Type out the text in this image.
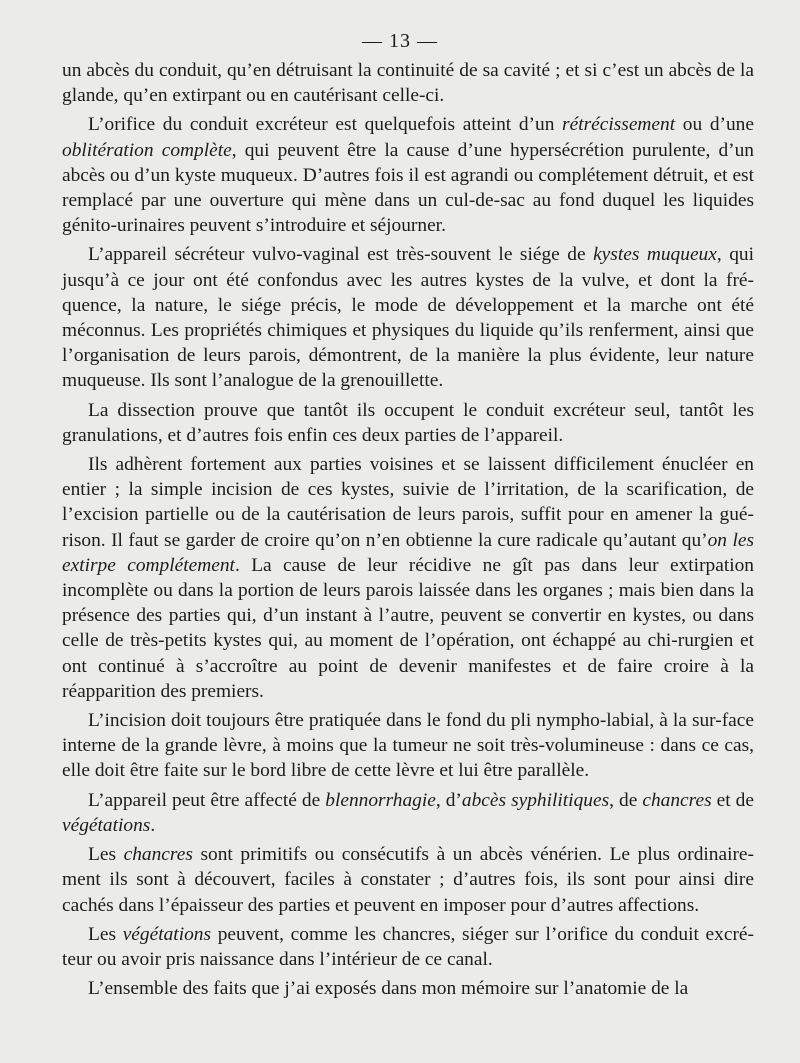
— 13 —

un abcès du conduit, qu’en détruisant la continuité de sa cavité ; et si c’est un abcès de la glande, qu’en extirpant ou en cautérisant celle-ci.

L’orifice du conduit excréteur est quelquefois atteint d’un rétrécissement ou d’une oblitération complète, qui peuvent être la cause d’une hypersécrétion purulente, d’un abcès ou d’un kyste muqueux. D’autres fois il est agrandi ou complétement détruit, et est remplacé par une ouverture qui mène dans un cul-de-sac au fond duquel les liquides génito-urinaires peuvent s’introduire et séjourner.

L’appareil sécréteur vulvo-vaginal est très-souvent le siége de kystes muqueux, qui jusqu’à ce jour ont été confondus avec les autres kystes de la vulve, et dont la fré-quence, la nature, le siége précis, le mode de développement et la marche ont été méconnus. Les propriétés chimiques et physiques du liquide qu’ils renferment, ainsi que l’organisation de leurs parois, démontrent, de la manière la plus évidente, leur nature muqueuse. Ils sont l’analogue de la grenouillette.

La dissection prouve que tantôt ils occupent le conduit excréteur seul, tantôt les granulations, et d’autres fois enfin ces deux parties de l’appareil.

Ils adhèrent fortement aux parties voisines et se laissent difficilement énucléer en entier ; la simple incision de ces kystes, suivie de l’irritation, de la scarification, de l’excision partielle ou de la cautérisation de leurs parois, suffit pour en amener la gué-rison. Il faut se garder de croire qu’on n’en obtienne la cure radicale qu’autant qu’on les extirpe complétement. La cause de leur récidive ne gît pas dans leur extirpation incomplète ou dans la portion de leurs parois laissée dans les organes ; mais bien dans la présence des parties qui, d’un instant à l’autre, peuvent se convertir en kystes, ou dans celle de très-petits kystes qui, au moment de l’opération, ont échappé au chi-rurgien et ont continué à s’accroître au point de devenir manifestes et de faire croire à la réapparition des premiers.

L’incision doit toujours être pratiquée dans le fond du pli nympho-labial, à la sur-face interne de la grande lèvre, à moins que la tumeur ne soit très-volumineuse : dans ce cas, elle doit être faite sur le bord libre de cette lèvre et lui être parallèle.

L’appareil peut être affecté de blennorrhagie, d’abcès syphilitiques, de chancres et de végétations.

Les chancres sont primitifs ou consécutifs à un abcès vénérien. Le plus ordinaire-ment ils sont à découvert, faciles à constater ; d’autres fois, ils sont pour ainsi dire cachés dans l’épaisseur des parties et peuvent en imposer pour d’autres affections.

Les végétations peuvent, comme les chancres, siéger sur l’orifice du conduit excré-teur ou avoir pris naissance dans l’intérieur de ce canal.

L’ensemble des faits que j’ai exposés dans mon mémoire sur l’anatomie de la
